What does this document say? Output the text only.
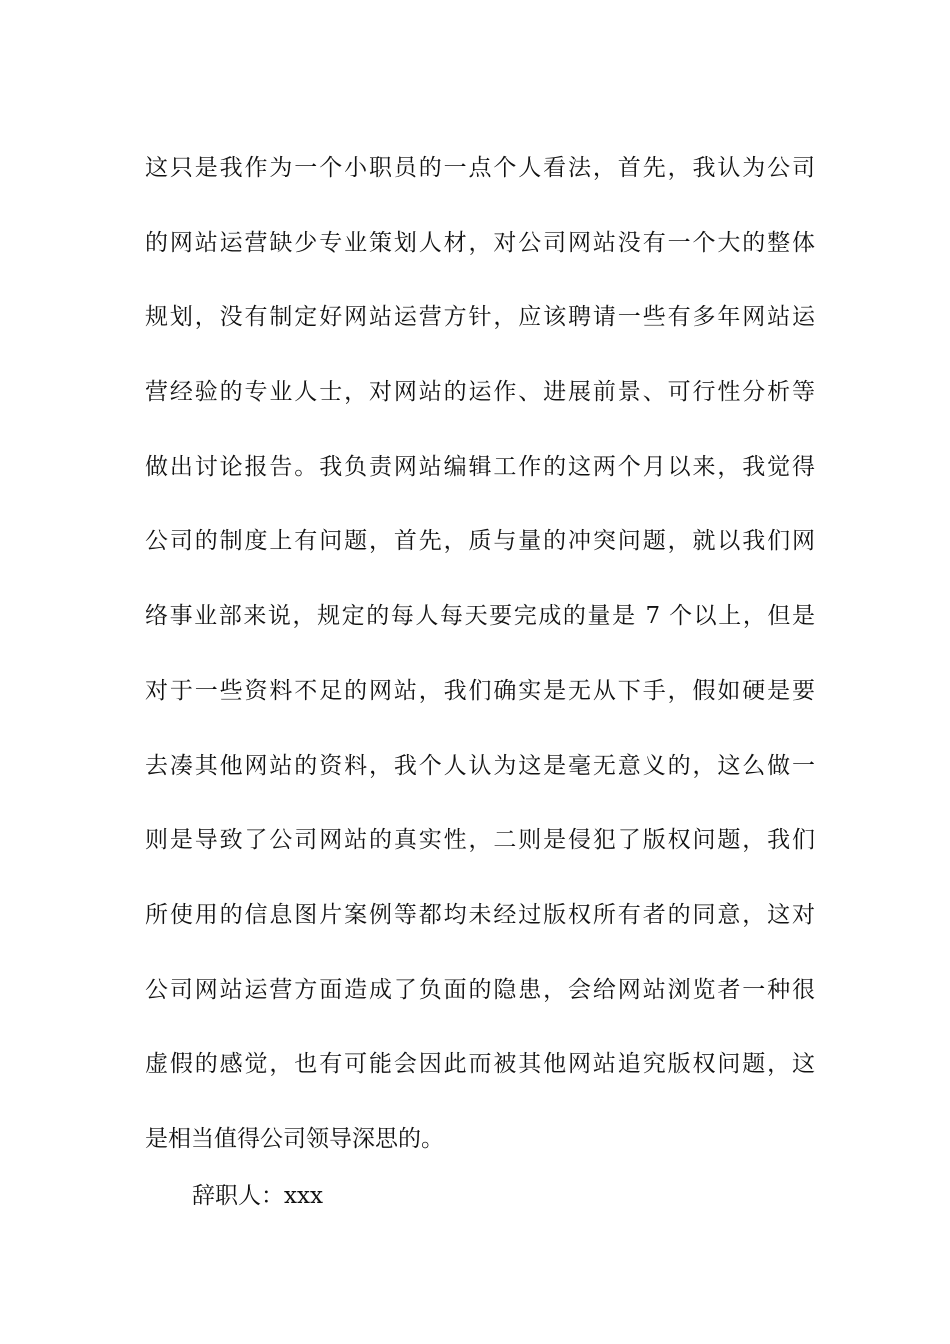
这只是我作为一个小职员的一点个人看法，首先，我认为公司
的网站运营缺少专业策划人材，对公司网站没有一个大的整体
规划，没有制定好网站运营方针，应该聘请一些有多年网站运
营经验的专业人士，对网站的运作、进展前景、可行性分析等
做出讨论报告。我负责网站编辑工作的这两个月以来，我觉得
公司的制度上有问题，首先，质与量的冲突问题，就以我们网
络事业部来说，规定的每人每天要完成的量是 7 个以上，但是
对于一些资料不足的网站，我们确实是无从下手，假如硬是要
去凑其他网站的资料，我个人认为这是毫无意义的，这么做一
则是导致了公司网站的真实性，二则是侵犯了版权问题，我们
所使用的信息图片案例等都均未经过版权所有者的同意，这对
公司网站运营方面造成了负面的隐患，会给网站浏览者一种很
虚假的感觉，也有可能会因此而被其他网站追究版权问题，这
是相当值得公司领导深思的。
辞职人：xxx
